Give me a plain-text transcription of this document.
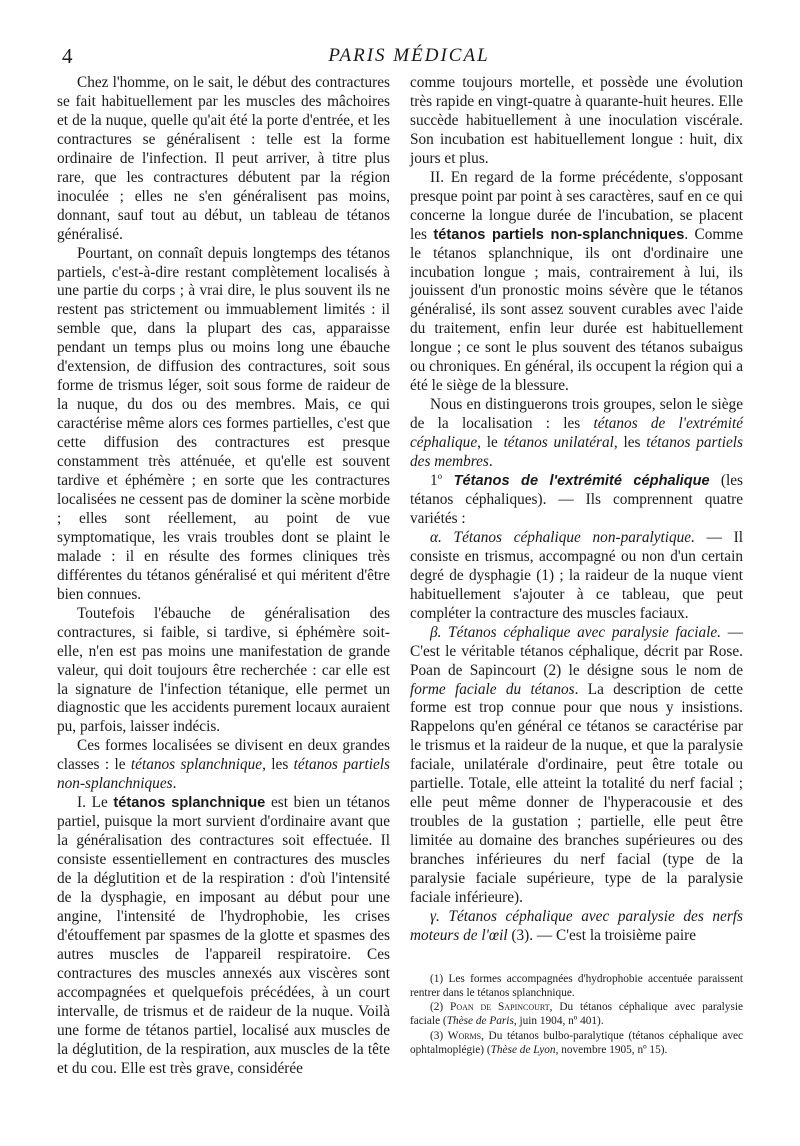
4	PARIS MÉDICAL

Chez l'homme, on le sait, le début des contractures se fait habituellement par les muscles des mâchoires et de la nuque, quelle qu'ait été la porte d'entrée, et les contractures se généralisent : telle est la forme ordinaire de l'infection. Il peut arriver, à titre plus rare, que les contractures débutent par la région inoculée ; elles ne s'en généralisent pas moins, donnant, sauf tout au début, un tableau de tétanos généralisé.

Pourtant, on connaît depuis longtemps des tétanos partiels, c'est-à-dire restant complètement localisés à une partie du corps ; à vrai dire, le plus souvent ils ne restent pas strictement ou immuablement limités : il semble que, dans la plupart des cas, apparaisse pendant un temps plus ou moins long une ébauche d'extension, de diffusion des contractures, soit sous forme de trismus léger, soit sous forme de raideur de la nuque, du dos ou des membres. Mais, ce qui caractérise même alors ces formes partielles, c'est que cette diffusion des contractures est presque constamment très atténuée, et qu'elle est souvent tardive et éphémère ; en sorte que les contractures localisées ne cessent pas de dominer la scène morbide ; elles sont réellement, au point de vue symptomatique, les vrais troubles dont se plaint le malade : il en résulte des formes cliniques très différentes du tétanos généralisé et qui méritent d'être bien connues.

Toutefois l'ébauche de généralisation des contractures, si faible, si tardive, si éphémère soit-elle, n'en est pas moins une manifestation de grande valeur, qui doit toujours être recherchée : car elle est la signature de l'infection tétanique, elle permet un diagnostic que les accidents purement locaux auraient pu, parfois, laisser indécis.

Ces formes localisées se divisent en deux grandes classes : le tétanos splanchnique, les tétanos partiels non-splanchniques.

I. Le tétanos splanchnique est bien un tétanos partiel, puisque la mort survient d'ordinaire avant que la généralisation des contractures soit effectuée. Il consiste essentiellement en contractures des muscles de la déglutition et de la respiration : d'où l'intensité de la dysphagie, en imposant au début pour une angine, l'intensité de l'hydrophobie, les crises d'étouffement par spasmes de la glotte et spasmes des autres muscles de l'appareil respiratoire. Ces contractures des muscles annexés aux viscères sont accompagnées et quelquefois précédées, à un court intervalle, de trismus et de raideur de la nuque. Voilà une forme de tétanos partiel, localisé aux muscles de la déglutition, de la respiration, aux muscles de la tête et du cou. Elle est très grave, considérée

comme toujours mortelle, et possède une évolution très rapide en vingt-quatre à quarante-huit heures. Elle succède habituellement à une inoculation viscérale. Son incubation est habituellement longue : huit, dix jours et plus.

II. En regard de la forme précédente, s'opposant presque point par point à ses caractères, sauf en ce qui concerne la longue durée de l'incubation, se placent les tétanos partiels non-splanchniques. Comme le tétanos splanchnique, ils ont d'ordinaire une incubation longue ; mais, contrairement à lui, ils jouissent d'un pronostic moins sévère que le tétanos généralisé, ils sont assez souvent curables avec l'aide du traitement, enfin leur durée est habituellement longue ; ce sont le plus souvent des tétanos subaigus ou chroniques. En général, ils occupent la région qui a été le siège de la blessure.

Nous en distinguerons trois groupes, selon le siège de la localisation : les tétanos de l'extrémité céphalique, le tétanos unilatéral, les tétanos partiels des membres.

1$^o$ Tétanos de l'extrémité céphalique (les tétanos céphaliques). — Ils comprennent quatre variétés :

α. Tétanos céphalique non-paralytique. — Il consiste en trismus, accompagné ou non d'un certain degré de dysphagie (1) ; la raideur de la nuque vient habituellement s'ajouter à ce tableau, que peut compléter la contracture des muscles faciaux.

β. Tétanos céphalique avec paralysie faciale. — C'est le véritable tétanos céphalique, décrit par Rose. Poan de Sapincourt (2) le désigne sous le nom de forme faciale du tétanos. La description de cette forme est trop connue pour que nous y insistions. Rappelons qu'en général ce tétanos se caractérise par le trismus et la raideur de la nuque, et que la paralysie faciale, unilatérale d'ordinaire, peut être totale ou partielle. Totale, elle atteint la totalité du nerf facial ; elle peut même donner de l'hyperacousie et des troubles de la gustation ; partielle, elle peut être limitée au domaine des branches supérieures ou des branches inférieures du nerf facial (type de la paralysie faciale supérieure, type de la paralysie faciale inférieure).

γ. Tétanos céphalique avec paralysie des nerfs moteurs de l'œil (3). — C'est la troisième paire

(1) Les formes accompagnées d'hydrophobie accentuée paraissent rentrer dans le tétanos splanchnique.

(2) Poan de Sapincourt, Du tétanos céphalique avec paralysie faciale (Thèse de Paris, juin 1904, nº 401).

(3) Worms, Du tétanos bulbo-paralytique (tétanos céphalique avec ophtalmoplégie) (Thèse de Lyon, novembre 1905, nº 15).
